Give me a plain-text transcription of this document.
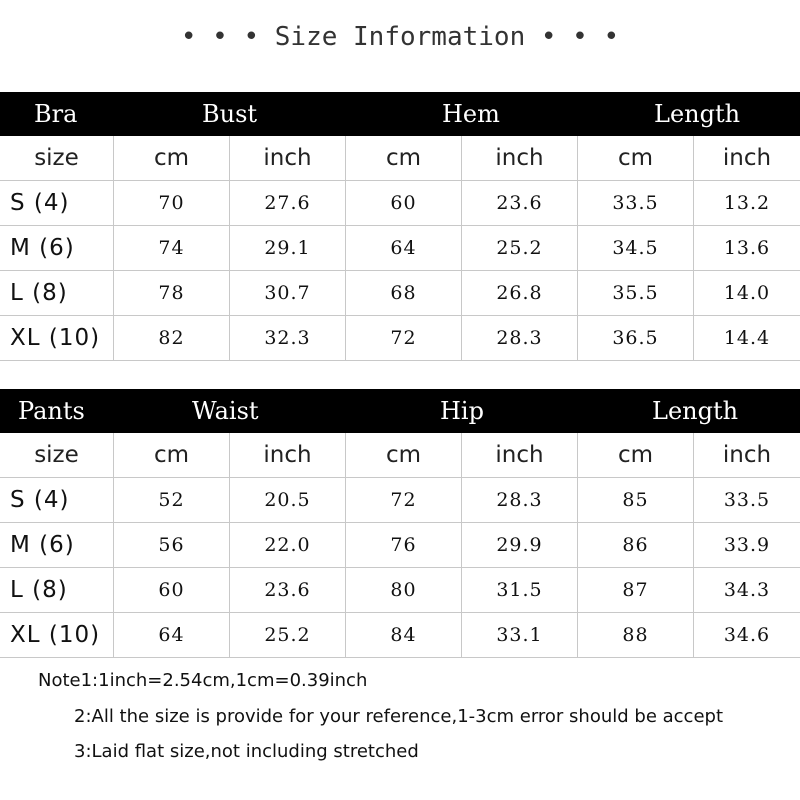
• • • Size Information • • •
Bra	Bust	Hem	Length
size	cm	inch	cm	inch	cm	inch
S (4)	70	27.6	60	23.6	33.5	13.2
M (6)	74	29.1	64	25.2	34.5	13.6
L (8)	78	30.7	68	26.8	35.5	14.0
XL (10)	82	32.3	72	28.3	36.5	14.4
Pants	Waist	Hip	Length
size	cm	inch	cm	inch	cm	inch
S (4)	52	20.5	72	28.3	85	33.5
M (6)	56	22.0	76	29.9	86	33.9
L (8)	60	23.6	80	31.5	87	34.3
XL (10)	64	25.2	84	33.1	88	34.6
Note1:1inch=2.54cm,1cm=0.39inch
2:All the size is provide for your reference,1-3cm error should be accept
3:Laid flat size,not including stretched
